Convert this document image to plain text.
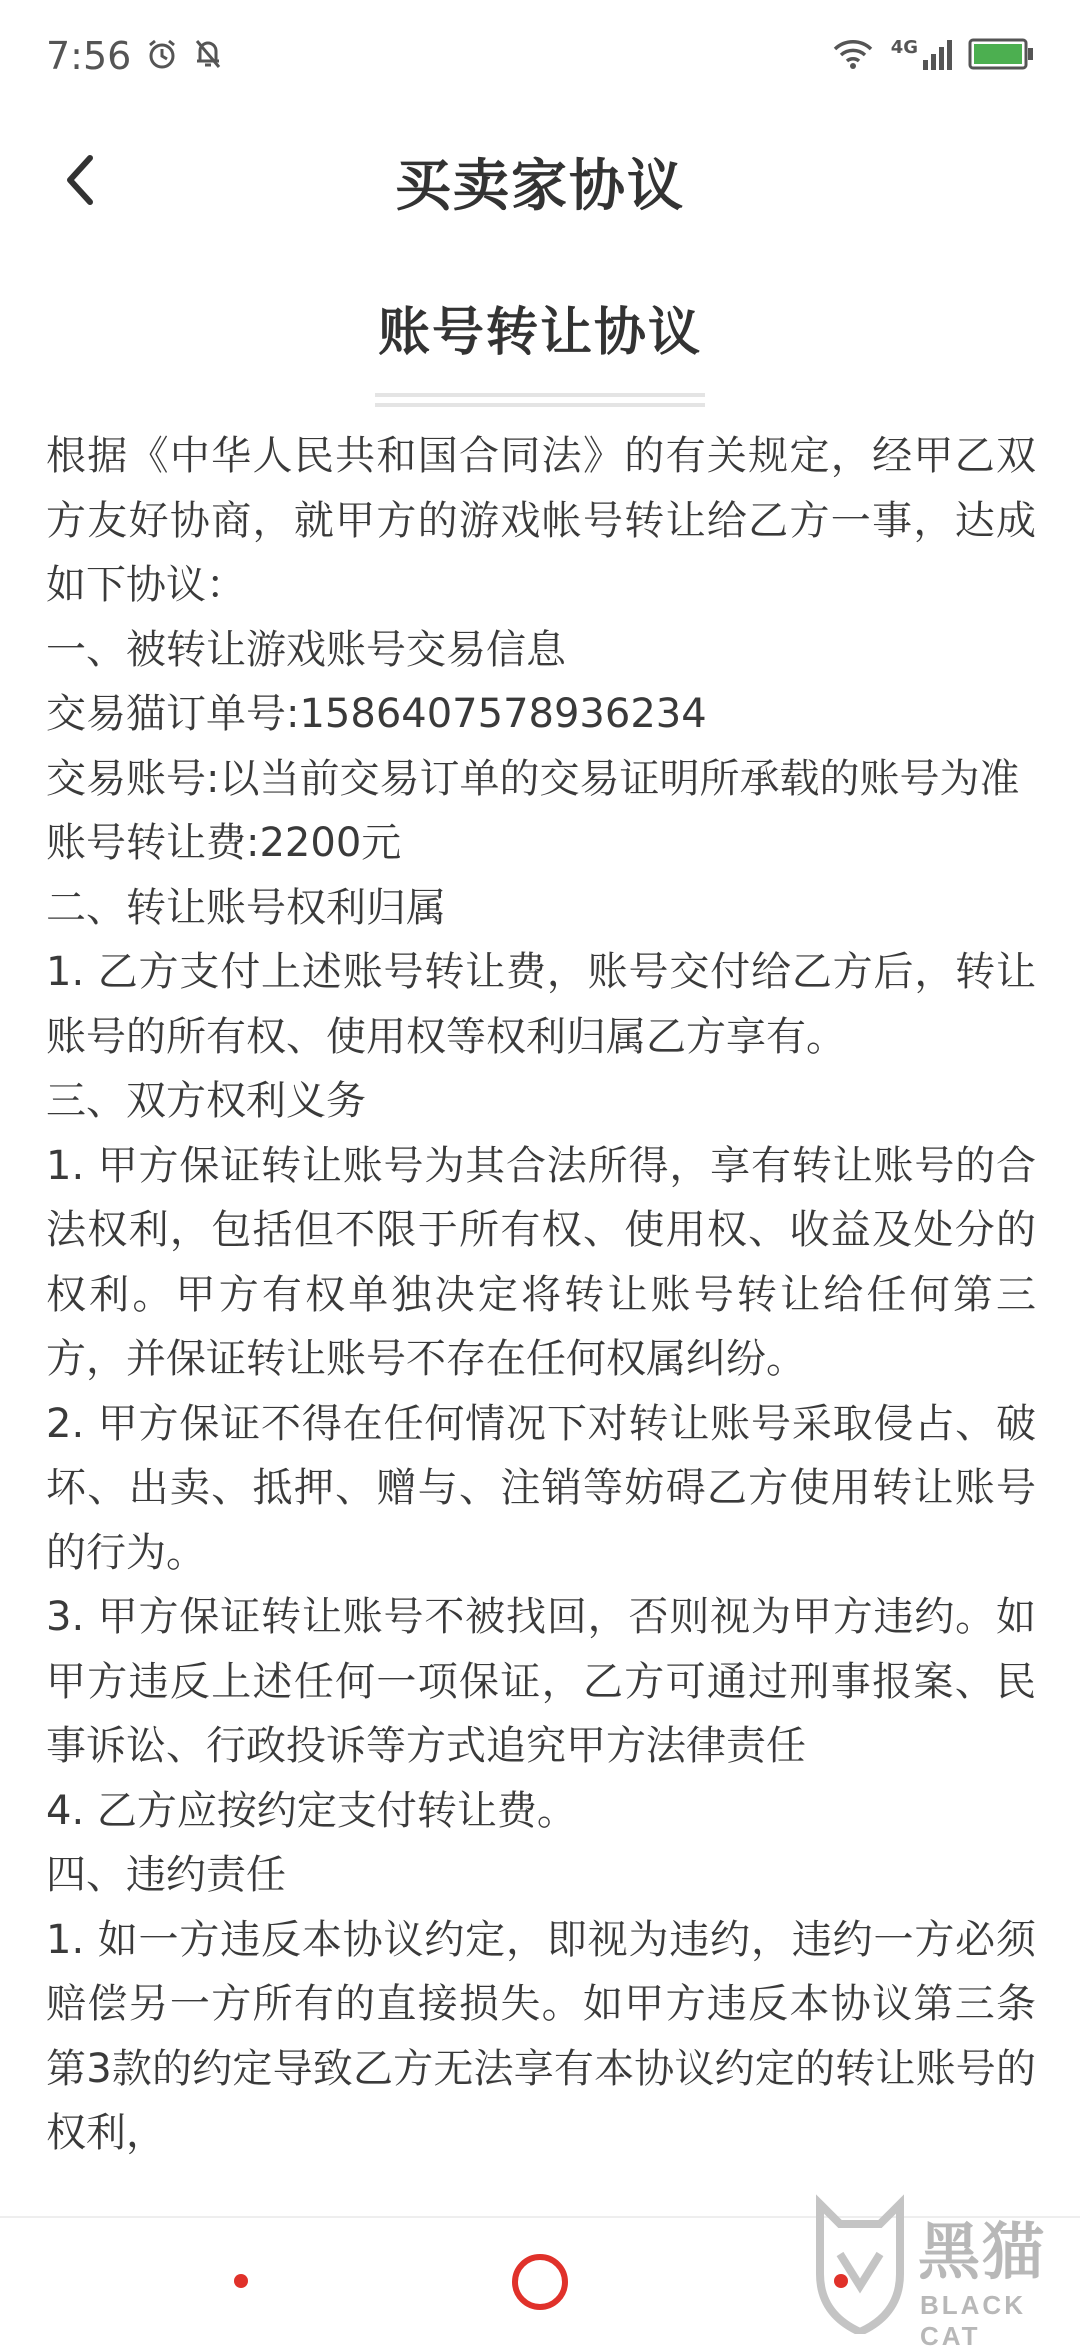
7:56	4G
买卖家协议
账号转让协议

根据《中华人民共和国合同法》的有关规定，经甲乙双方友好协商，就甲方的游戏帐号转让给乙方一事，达成如下协议：

一、被转让游戏账号交易信息

交易猫订单号:1586407578936234

交易账号:以当前交易订单的交易证明所承载的账号为准

账号转让费:2200元

二、转让账号权利归属

1. 乙方支付上述账号转让费，账号交付给乙方后，转让账号的所有权、使用权等权利归属乙方享有。

三、双方权利义务

1. 甲方保证转让账号为其合法所得，享有转让账号的合法权利，包括但不限于所有权、使用权、收益及处分的权利。甲方有权单独决定将转让账号转让给任何第三方，并保证转让账号不存在任何权属纠纷。

2. 甲方保证不得在任何情况下对转让账号采取侵占、破坏、出卖、抵押、赠与、注销等妨碍乙方使用转让账号的行为。

3. 甲方保证转让账号不被找回，否则视为甲方违约。如甲方违反上述任何一项保证，乙方可通过刑事报案、民事诉讼、行政投诉等方式追究甲方法律责任

4. 乙方应按约定支付转让费。

四、违约责任

1. 如一方违反本协议约定，即视为违约，违约一方必须赔偿另一方所有的直接损失。如甲方违反本协议第三条第3款的约定导致乙方无法享有本协议约定的转让账号的权利，

黑猫
BLACK CAT
